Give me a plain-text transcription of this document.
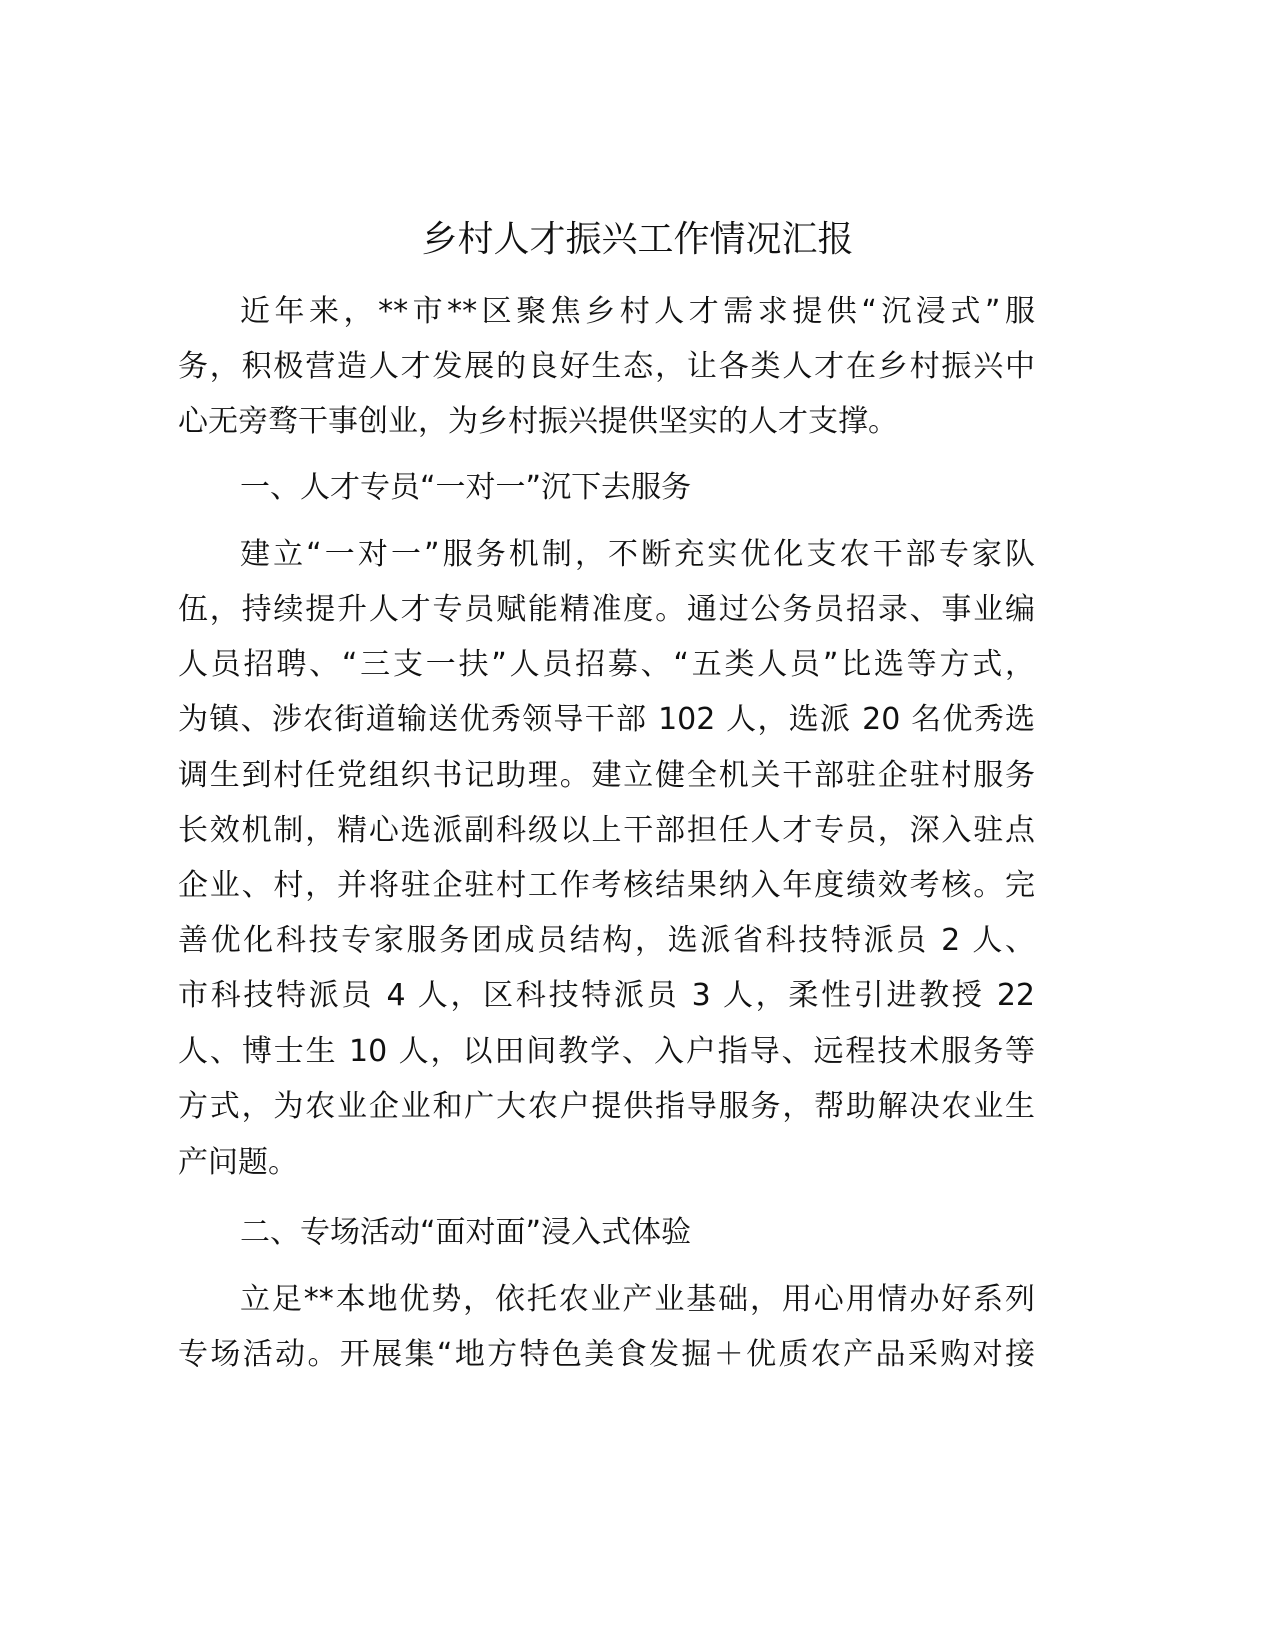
乡村人才振兴工作情况汇报
近年来，**市**区聚焦乡村人才需求提供“沉浸式”服
务，积极营造人才发展的良好生态，让各类人才在乡村振兴中
心无旁骛干事创业，为乡村振兴提供坚实的人才支撑。
一、人才专员“一对一”沉下去服务
建立“一对一”服务机制，不断充实优化支农干部专家队
伍，持续提升人才专员赋能精准度。通过公务员招录、事业编
人员招聘、“三支一扶”人员招募、“五类人员”比选等方式，
为镇、涉农街道输送优秀领导干部 102 人，选派 20 名优秀选
调生到村任党组织书记助理。建立健全机关干部驻企驻村服务
长效机制，精心选派副科级以上干部担任人才专员，深入驻点
企业、村，并将驻企驻村工作考核结果纳入年度绩效考核。完
善优化科技专家服务团成员结构，选派省科技特派员 2 人、
市科技特派员 4 人，区科技特派员 3 人，柔性引进教授 22
人、博士生 10 人，以田间教学、入户指导、远程技术服务等
方式，为农业企业和广大农户提供指导服务，帮助解决农业生
产问题。
二、专场活动“面对面”浸入式体验
立足**本地优势，依托农业产业基础，用心用情办好系列
专场活动。开展集“地方特色美食发掘＋优质农产品采购对接
